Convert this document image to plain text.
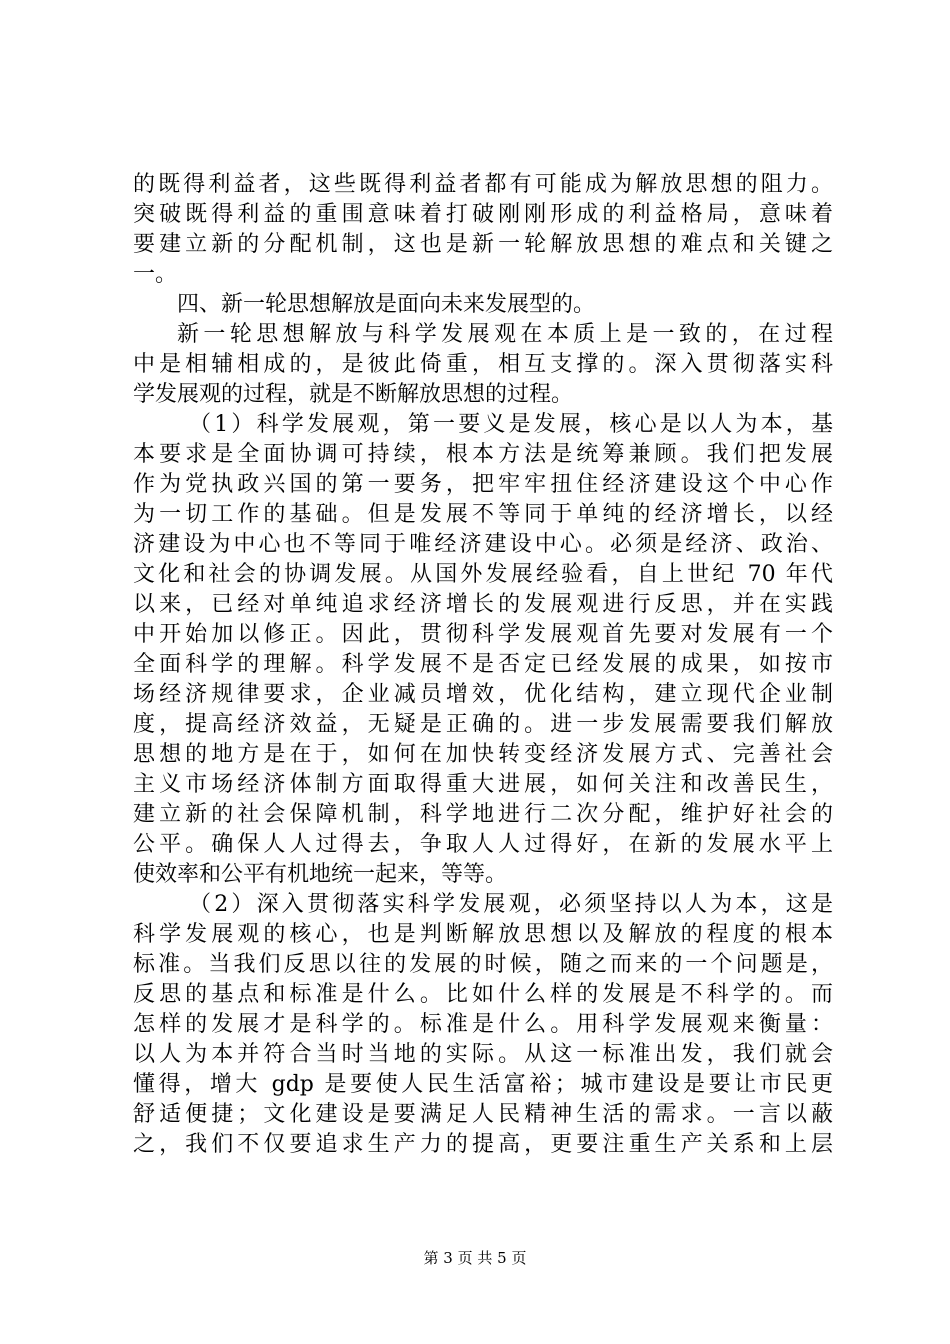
的既得利益者，这些既得利益者都有可能成为解放思想的阻力。
突破既得利益的重围意味着打破刚刚形成的利益格局，意味着
要建立新的分配机制，这也是新一轮解放思想的难点和关键之
一。
四、新一轮思想解放是面向未来发展型的。
新一轮思想解放与科学发展观在本质上是一致的，在过程
中是相辅相成的，是彼此倚重，相互支撑的。深入贯彻落实科
学发展观的过程，就是不断解放思想的过程。
（1）科学发展观，第一要义是发展，核心是以人为本，基
本要求是全面协调可持续，根本方法是统筹兼顾。我们把发展
作为党执政兴国的第一要务，把牢牢扭住经济建设这个中心作
为一切工作的基础。但是发展不等同于单纯的经济增长，以经
济建设为中心也不等同于唯经济建设中心。必须是经济、政治、
文化和社会的协调发展。从国外发展经验看，自上世纪 70 年代
以来，已经对单纯追求经济增长的发展观进行反思，并在实践
中开始加以修正。因此，贯彻科学发展观首先要对发展有一个
全面科学的理解。科学发展不是否定已经发展的成果，如按市
场经济规律要求，企业减员增效，优化结构，建立现代企业制
度，提高经济效益，无疑是正确的。进一步发展需要我们解放
思想的地方是在于，如何在加快转变经济发展方式、完善社会
主义市场经济体制方面取得重大进展，如何关注和改善民生，
建立新的社会保障机制，科学地进行二次分配，维护好社会的
公平。确保人人过得去，争取人人过得好，在新的发展水平上
使效率和公平有机地统一起来，等等。
（2）深入贯彻落实科学发展观，必须坚持以人为本，这是
科学发展观的核心，也是判断解放思想以及解放的程度的根本
标准。当我们反思以往的发展的时候，随之而来的一个问题是，
反思的基点和标准是什么。比如什么样的发展是不科学的。而
怎样的发展才是科学的。标准是什么。用科学发展观来衡量：
以人为本并符合当时当地的实际。从这一标准出发，我们就会
懂得，增大 gdp 是要使人民生活富裕；城市建设是要让市民更
舒适便捷；文化建设是要满足人民精神生活的需求。一言以蔽
之，我们不仅要追求生产力的提高，更要注重生产关系和上层
第 3 页 共 5 页
